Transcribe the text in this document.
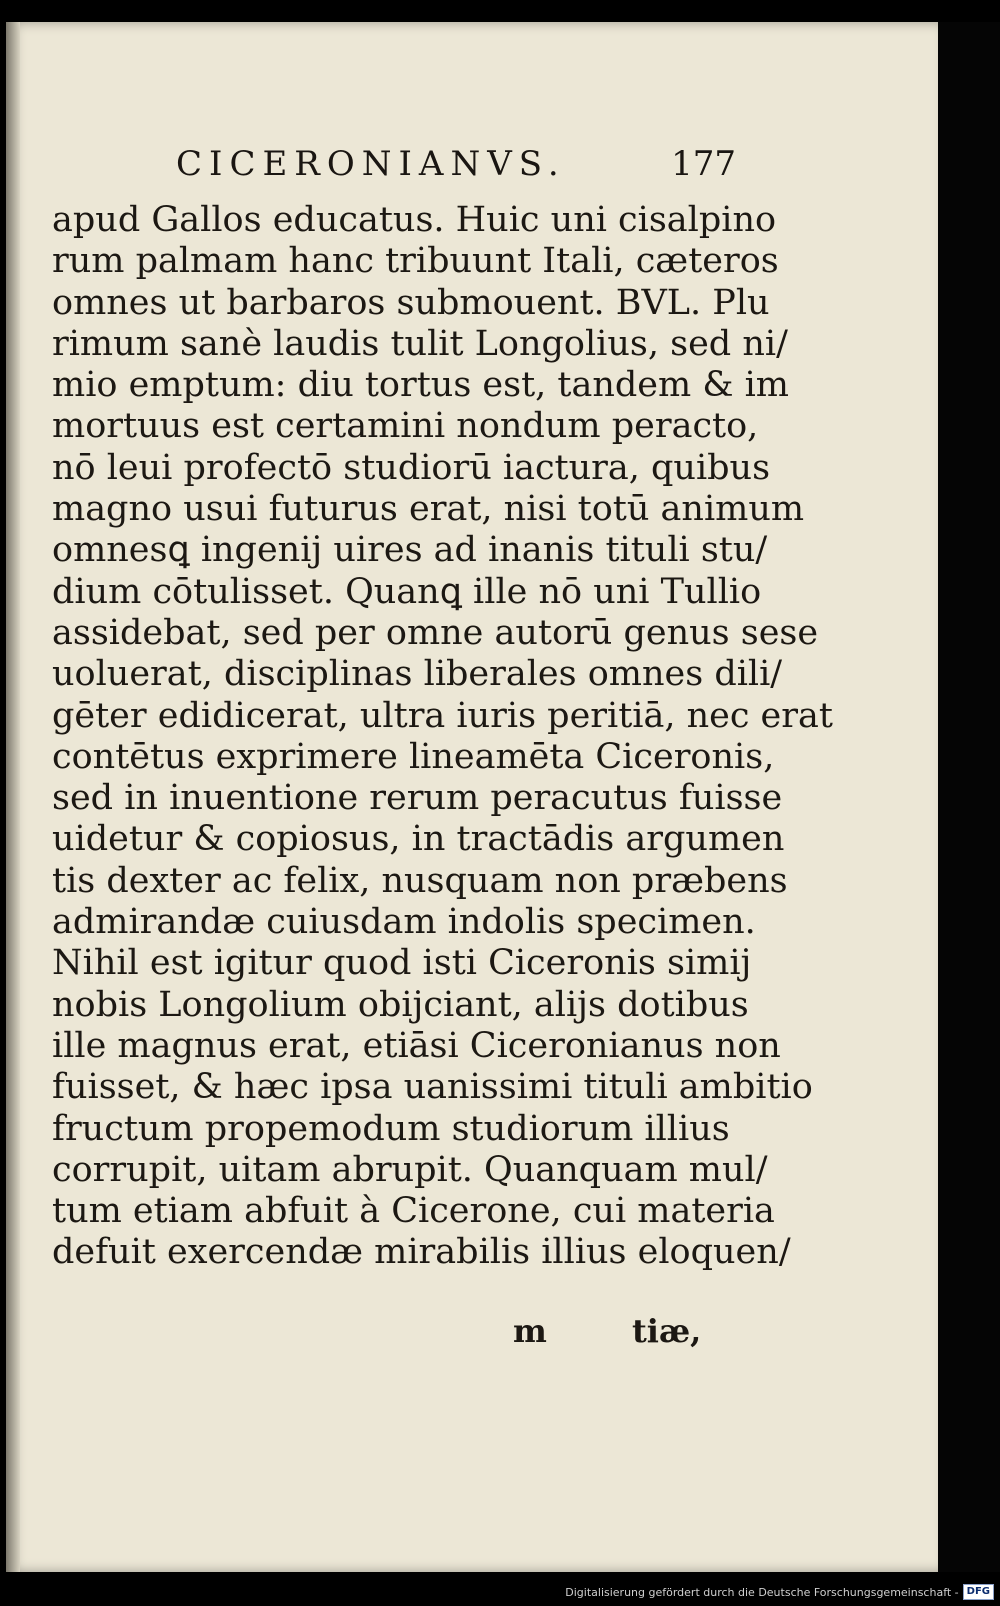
CICERONIANVS.	177
apud Gallos educatus. Huic uni cisalpino
rum palmam hanc tribuunt Itali, cæteros
omnes ut barbaros submouent. BVL. Plu
rimum sanè laudis tulit Longolius, sed ni/
mio emptum: diu tortus est, tandem & im
mortuus est certamini nondum peracto,
nō leui profectō studiorū iactura, quibus
magno usui futurus erat, nisi totū animum
omnesꝗ ingenij uires ad inanis tituli stu/
dium cōtulisset. Quanꝗ ille nō uni Tullio
assidebat, sed per omne autorū genus sese
uoluerat, disciplinas liberales omnes dili/
gēter edidicerat, ultra iuris peritiā, nec erat
contētus exprimere lineamēta Ciceronis,
sed in inuentione rerum peracutus fuisse
uidetur & copiosus, in tractādis argumen
tis dexter ac felix, nusquam non præbens
admirandæ cuiusdam indolis specimen.
Nihil est igitur quod isti Ciceronis simij
nobis Longolium obijciant, alijs dotibus
ille magnus erat, etiāsi Ciceronianus non
fuisset, & hæc ipsa uanissimi tituli ambitio
fructum propemodum studiorum illius
corrupit, uitam abrupit. Quanquam mul/
tum etiam abfuit à Cicerone, cui materia
defuit exercendæ mirabilis illius eloquen/
m	tiæ,
Digitalisierung gefördert durch die Deutsche Forschungsgemeinschaft - DFG
